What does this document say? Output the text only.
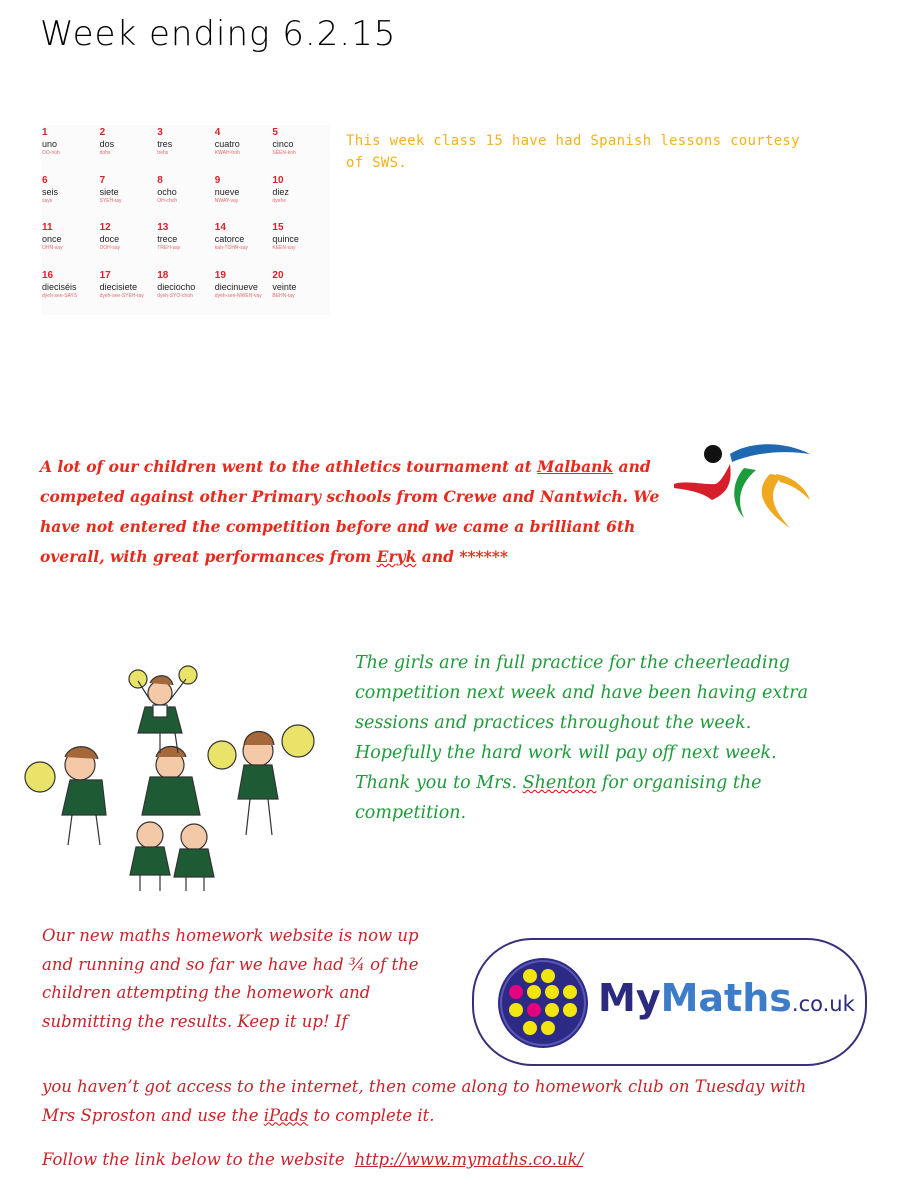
Week ending 6.2.15
1
uno
OO-noh
2
dos
dohs
3
tres
trehs
4
cuatro
KWAH-troh
5
cinco
SEEN-koh
6
seis
says
7
siete
SYEH-tay
8
ocho
OH-choh
9
nueve
NWAY-vay
10
diez
dyehs
11
once
OHN-say
12
doce
DOH-say
13
trece
TREH-say
14
catorce
kah-TOHR-say
15
quince
KEEN-say
16
dieciséis
dyeh-see-SAYS
17
diecisiete
dyeh-see-SYEH-tay
18
dieciocho
dyeh-SYO-choh
19
diecinueve
dyeh-see-NWEH-vay
20
veinte
BEHN-tay
This week class 15 have had Spanish lessons courtesy of SWS.
A lot of our children went to the athletics tournament at Malbank and competed against other Primary schools from Crewe and Nantwich. We have not entered the competition before and we came a brilliant 6th overall, with great performances from Eryk and ******
The girls are in full practice for the cheerleading competition next week and have been having extra sessions and practices throughout the week. Hopefully the hard work will pay off next week. Thank you to Mrs. Shenton for organising the competition.
Our new maths homework website is now up and running and so far we have had ¾ of the children attempting the homework and submitting the results. Keep it up! If
MyMaths.co.uk
you haven’t got access to the internet, then come along to homework club on Tuesday with Mrs Sproston and use the iPads to complete it.
Follow the link below to the website http://www.mymaths.co.uk/
